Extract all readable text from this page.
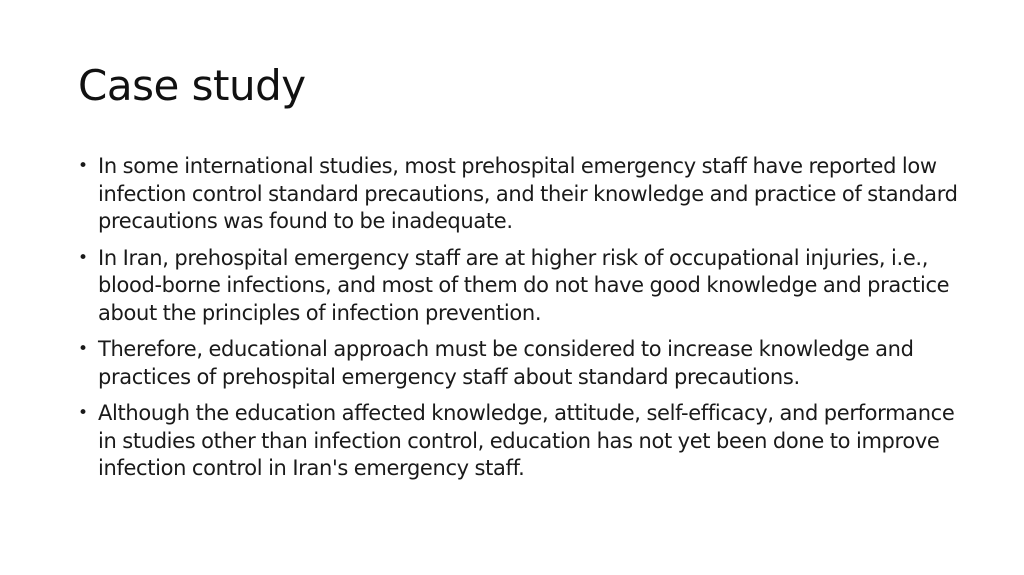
Case study
• In some international studies, most prehospital emergency staff have reported low infection control standard precautions, and their knowledge and practice of standard precautions was found to be inadequate.
• In Iran, prehospital emergency staff are at higher risk of occupational injuries, i.e., blood-borne infections, and most of them do not have good knowledge and practice about the principles of infection prevention.
• Therefore, educational approach must be considered to increase knowledge and practices of prehospital emergency staff about standard precautions.
• Although the education affected knowledge, attitude, self-efficacy, and performance in studies other than infection control, education has not yet been done to improve infection control in Iran's emergency staff.
